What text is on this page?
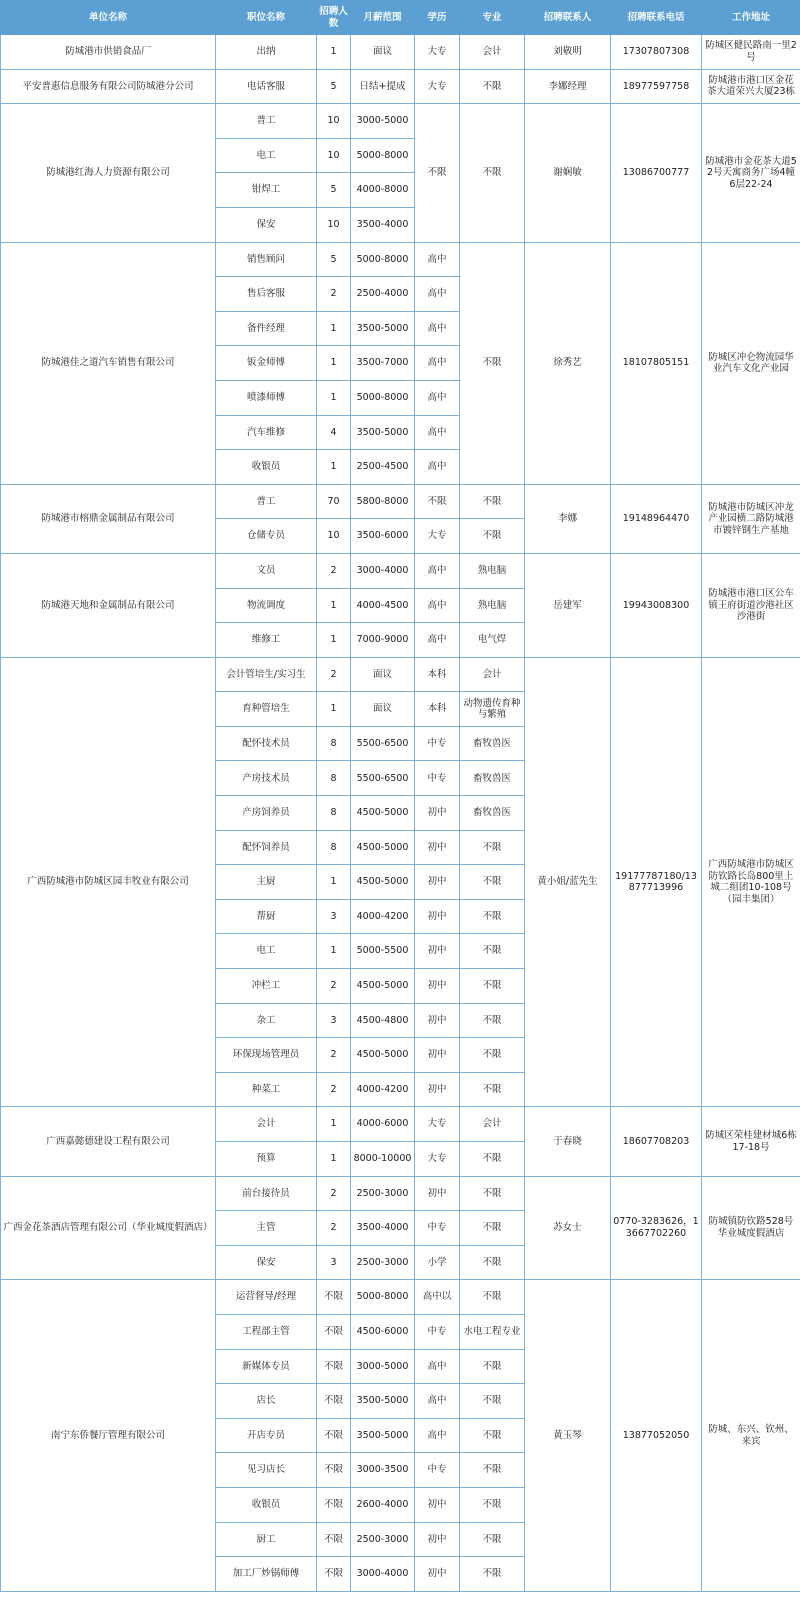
单位名称	职位名称	招聘人数	月薪范围	学历	专业	招聘联系人	招聘联系电话	工作地址
防城港市供销食品厂	出纳	1	面议	大专	会计	刘敬明	17307807308	防城区健民路南一里2号
平安普惠信息服务有限公司防城港分公司	电话客服	5	日结+提成	大专	不限	李娜经理	18977597758	防城港市港口区金花茶大道荣兴大厦23栋
防城港红海人力资源有限公司	普工	10	3000-5000	不限	不限	谢娴敏	13086700777	防城港市金花茶大道52号天寓商务广场4幢6层22-24
	电工	10	5000-8000					
	钳焊工	5	4000-8000					
	保安	10	3500-4000					
防城港佳之道汽车销售有限公司	销售顾问	5	5000-8000	高中	不限	徐秀艺	18107805151	防城区冲仑物流园华业汽车文化产业园
	售后客服	2	2500-4000	高中				
	备件经理	1	3500-5000	高中				
	钣金师傅	1	3500-7000	高中				
	喷漆师傅	1	5000-8000	高中				
	汽车维修	4	3500-5000	高中				
	收银员	1	2500-4500	高中				
防城港市榕鼎金属制品有限公司	普工	70	5800-8000	不限	不限	李娜	19148964470	防城港市防城区冲龙产业园横二路防城港市镀锌钢生产基地
	仓储专员	10	3500-6000	大专	不限			
防城港天地和金属制品有限公司	文员	2	3000-4000	高中	熟电脑	岳建军	19943008300	防城港市港口区公车镇王府街道沙港社区沙港街
	物流调度	1	4000-4500	高中	熟电脑			
	维修工	1	7000-9000	高中	电气焊			
广西防城港市防城区园丰牧业有限公司	会计管培生/实习生	2	面议	本科	会计	黄小姐/蓝先生	19177787180/13877713996	广西防城港市防城区防钦路长岛800里上城二组团10-108号（园丰集团）
	育种管培生	1	面议	本科	动物遗传育种与繁殖			
	配怀技术员	8	5500-6500	中专	畜牧兽医			
	产房技术员	8	5500-6500	中专	畜牧兽医			
	产房饲养员	8	4500-5000	初中	畜牧兽医			
	配怀饲养员	8	4500-5000	初中	不限			
	主厨	1	4500-5000	初中	不限			
	帮厨	3	4000-4200	初中	不限			
	电工	1	5000-5500	初中	不限			
	冲栏工	2	4500-5000	初中	不限			
	杂工	3	4500-4800	初中	不限			
	环保现场管理员	2	4500-5000	初中	不限			
	种菜工	2	4000-4200	初中	不限			
广西嘉懿德建设工程有限公司	会计	1	4000-6000	大专	会计	于春晓	18607708203	防城区荣桂建材城6栋17-18号
	预算	1	8000-10000	大专	不限			
广西金花茶酒店管理有限公司（华业城度假酒店）	前台接待员	2	2500-3000	初中	不限	苏女士	0770-3283626，13667702260	防城镇防钦路528号华业城度假酒店
	主管	2	3500-4000	中专	不限			
	保安	3	2500-3000	小学	不限			
南宁东侨餐厅管理有限公司	运营督导/经理	不限	5000-8000	高中以	不限	黄玉琴	13877052050	防城、东兴、钦州、来宾
	工程部主管	不限	4500-6000	中专	水电工程专业			
	新媒体专员	不限	3000-5000	高中	不限			
	店长	不限	3500-5000	高中	不限			
	开店专员	不限	3500-5000	高中	不限			
	见习店长	不限	3000-3500	中专	不限			
	收银员	不限	2600-4000	初中	不限			
	厨工	不限	2500-3000	初中	不限			
	加工厂炒锅师傅	不限	3000-4000	初中	不限			
